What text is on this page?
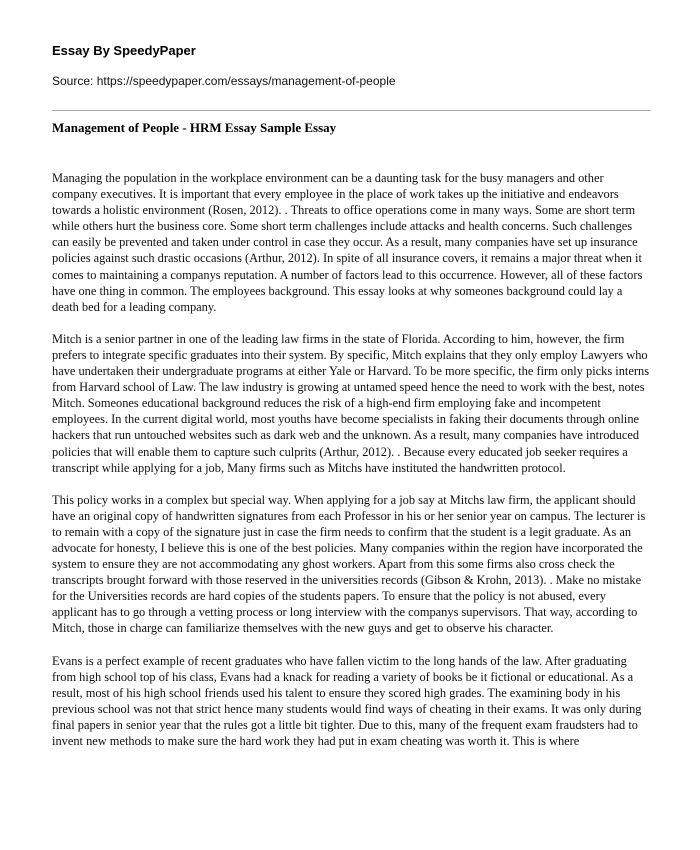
Essay By SpeedyPaper

Source: https://speedypaper.com/essays/management-of-people

Management of People - HRM Essay Sample Essay

Managing the population in the workplace environment can be a daunting task for the busy managers and other company executives. It is important that every employee in the place of work takes up the initiative and endeavors towards a holistic environment (Rosen, 2012). . Threats to office operations come in many ways. Some are short term while others hurt the business core. Some short term challenges include attacks and health concerns. Such challenges can easily be prevented and taken under control in case they occur. As a result, many companies have set up insurance policies against such drastic occasions (Arthur, 2012). In spite of all insurance covers, it remains a major threat when it comes to maintaining a companys reputation. A number of factors lead to this occurrence. However, all of these factors have one thing in common. The employees background. This essay looks at why someones background could lay a death bed for a leading company.

Mitch is a senior partner in one of the leading law firms in the state of Florida. According to him, however, the firm prefers to integrate specific graduates into their system. By specific, Mitch explains that they only employ Lawyers who have undertaken their undergraduate programs at either Yale or Harvard. To be more specific, the firm only picks interns from Harvard school of Law. The law industry is growing at untamed speed hence the need to work with the best, notes Mitch. Someones educational background reduces the risk of a high-end firm employing fake and incompetent employees. In the current digital world, most youths have become specialists in faking their documents through online hackers that run untouched websites such as dark web and the unknown. As a result, many companies have introduced policies that will enable them to capture such culprits (Arthur, 2012). . Because every educated job seeker requires a transcript while applying for a job, Many firms such as Mitchs have instituted the handwritten protocol.

This policy works in a complex but special way. When applying for a job say at Mitchs law firm, the applicant should have an original copy of handwritten signatures from each Professor in his or her senior year on campus. The lecturer is to remain with a copy of the signature just in case the firm needs to confirm that the student is a legit graduate. As an advocate for honesty, I believe this is one of the best policies. Many companies within the region have incorporated the system to ensure they are not accommodating any ghost workers. Apart from this some firms also cross check the transcripts brought forward with those reserved in the universities records (Gibson & Krohn, 2013). . Make no mistake for the Universities records are hard copies of the students papers. To ensure that the policy is not abused, every applicant has to go through a vetting process or long interview with the companys supervisors. That way, according to Mitch, those in charge can familiarize themselves with the new guys and get to observe his character.

Evans is a perfect example of recent graduates who have fallen victim to the long hands of the law. After graduating from high school top of his class, Evans had a knack for reading a variety of books be it fictional or educational. As a result, most of his high school friends used his talent to ensure they scored high grades. The examining body in his previous school was not that strict hence many students would find ways of cheating in their exams. It was only during final papers in senior year that the rules got a little bit tighter. Due to this, many of the frequent exam fraudsters had to invent new methods to make sure the hard work they had put in exam cheating was worth it. This is where
